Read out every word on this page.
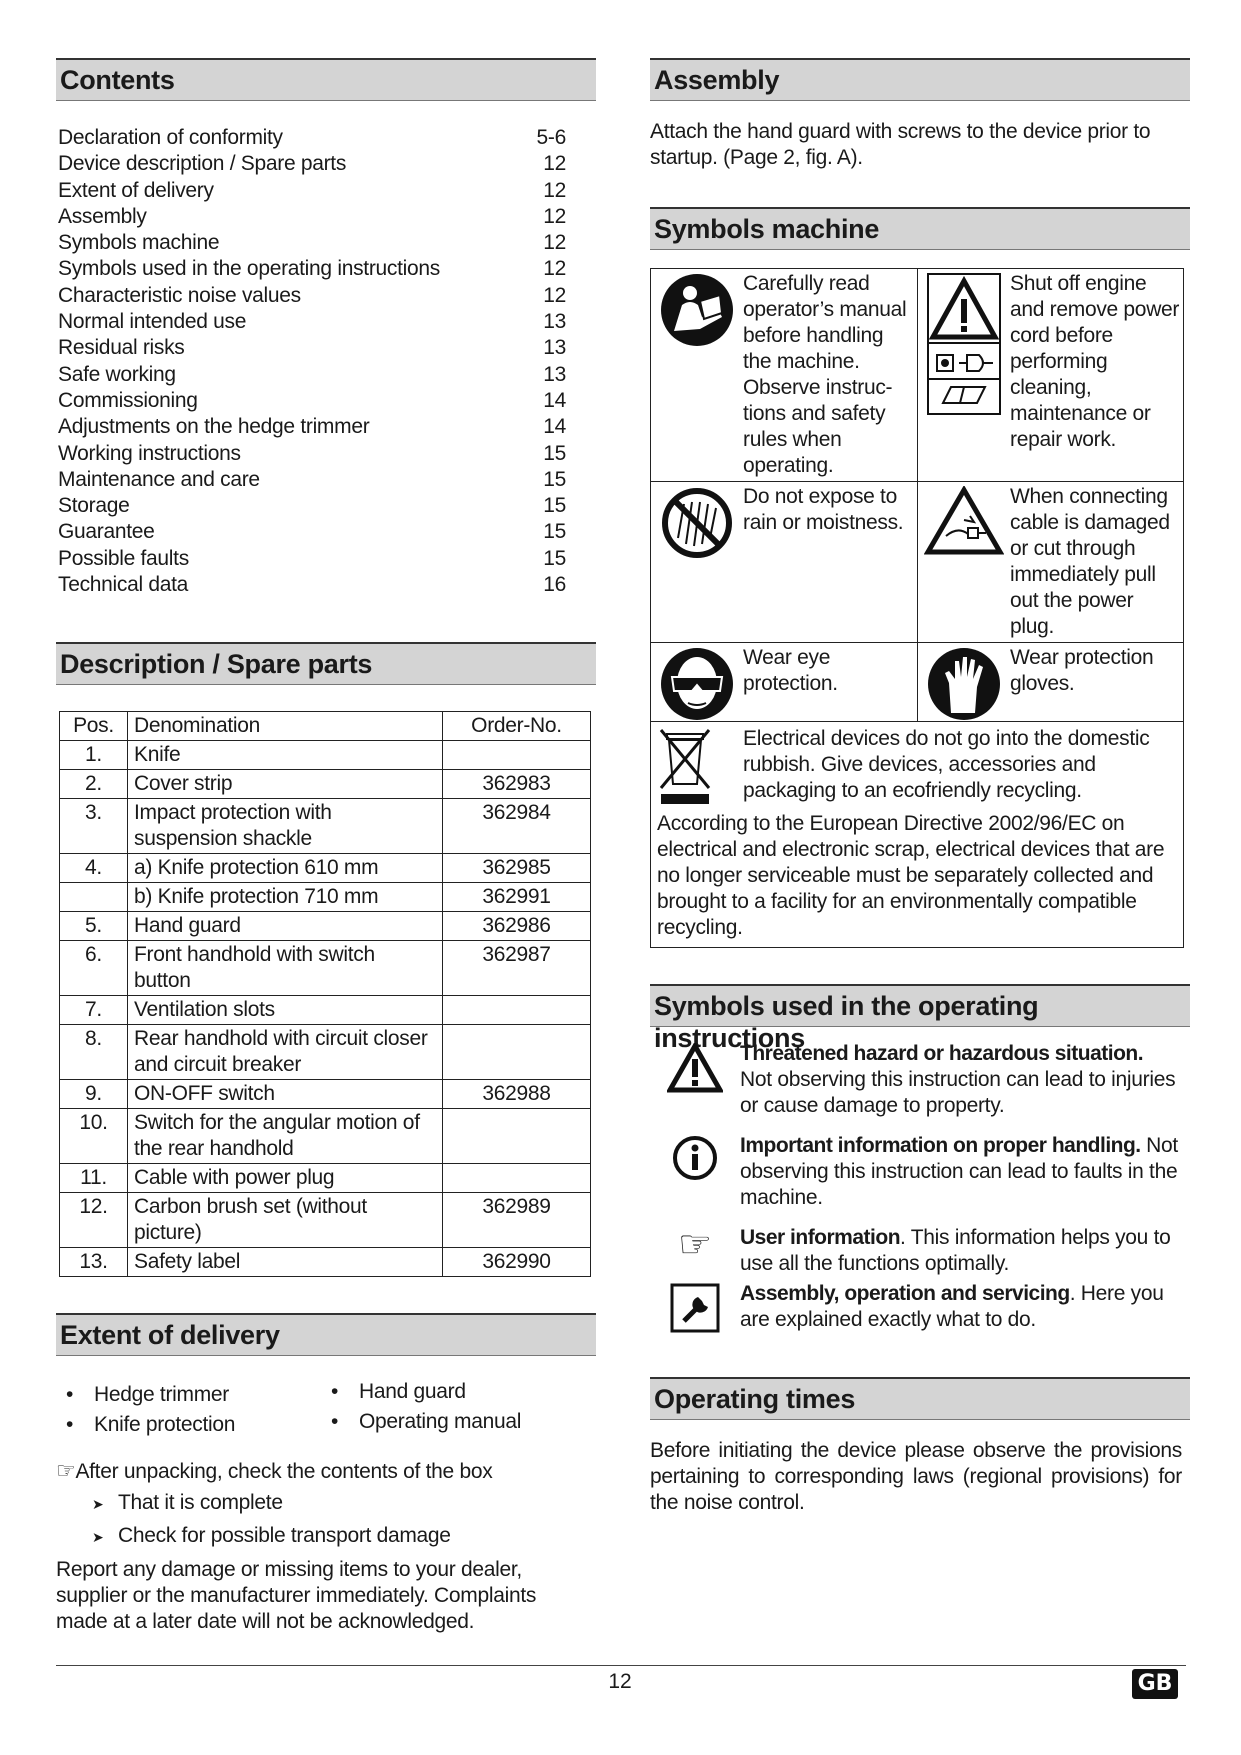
Contents
Declaration of conformity	5-6
Device description / Spare parts	12
Extent of delivery	12
Assembly	12
Symbols machine	12
Symbols used in the operating instructions	12
Characteristic noise values	12
Normal intended use	13
Residual risks	13
Safe working	13
Commissioning	14
Adjustments on the hedge trimmer	14
Working instructions	15
Maintenance and care	15
Storage	15
Guarantee	15
Possible faults	15
Technical data	16
Description / Spare parts
Pos.	Denomination	Order-No.
1.	Knife	
2.	Cover strip	362983
3.	Impact protection with suspension shackle	362984
4.	a) Knife protection 610 mm	362985
	b) Knife protection 710 mm	362991
5.	Hand guard	362986
6.	Front handhold with switch button	362987
7.	Ventilation slots	
8.	Rear handhold with circuit closer and circuit breaker	
9.	ON-OFF switch	362988
10.	Switch for the angular motion of the rear handhold	
11.	Cable with power plug	
12.	Carbon brush set (without picture)	362989
13.	Safety label	362990
Extent of delivery
• Hedge trimmer
• Knife protection
• Hand guard
• Operating manual
☞After unpacking, check the contents of the box
➤ That it is complete
➤ Check for possible transport damage
Report any damage or missing items to your dealer, supplier or the manufacturer immediately. Complaints made at a later date will not be acknowledged.
Assembly
Attach the hand guard with screws to the device prior to startup. (Page 2, fig. A).
Symbols machine
Carefully read operator’s manual before handling the machine. Observe instruc-tions and safety rules when operating.
Shut off engine and remove power cord before performing cleaning, maintenance or repair work.
Do not expose to rain or moistness.
When connecting cable is damaged or cut through immediately pull out the power plug.
Wear eye protection.
Wear protection gloves.
Electrical devices do not go into the domestic rubbish. Give devices, accessories and packaging to an ecofriendly recycling.
According to the European Directive 2002/96/EC on electrical and electronic scrap, electrical devices that are no longer serviceable must be separately collected and brought to a facility for an environmentally compatible recycling.
Symbols used in the operating instructions
Threatened hazard or hazardous situation. Not observing this instruction can lead to injuries or cause damage to property.
Important information on proper handling. Not observing this instruction can lead to faults in the machine.
☞	User information. This information helps you to use all the functions optimally.
Assembly, operation and servicing. Here you are explained exactly what to do.
Operating times
Before initiating the device please observe the provisions pertaining to corresponding laws (regional provisions) for the noise control.
12	GB
